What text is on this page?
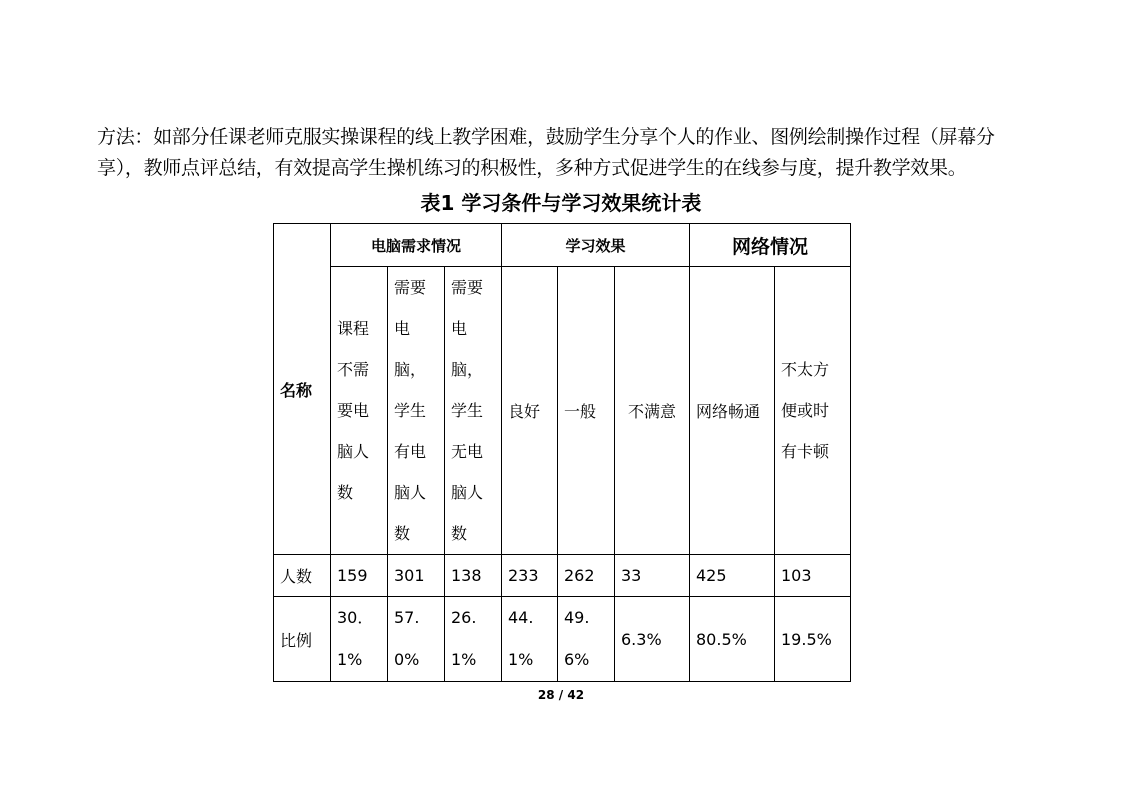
方法：如部分任课老师克服实操课程的线上教学困难，鼓励学生分享个人的作业、图例绘制操作过程（屏幕分享），教师点评总结，有效提高学生操机练习的积极性，多种方式促进学生的在线参与度，提升教学效果。
表1 学习条件与学习效果统计表
名称	电脑需求情况			学习效果			网络情况	
	课程不需要电脑人数	需要电脑，学生有电脑人数	需要电脑，学生无电脑人数	良好	一般	不满意	网络畅通	不太方便或时有卡顿
人数	159	301	138	233	262	33	425	103
比例	30．1%	57.0%	26.1%	44.1%	49.6%	6.3%	80.5%	19.5%
28 / 42
